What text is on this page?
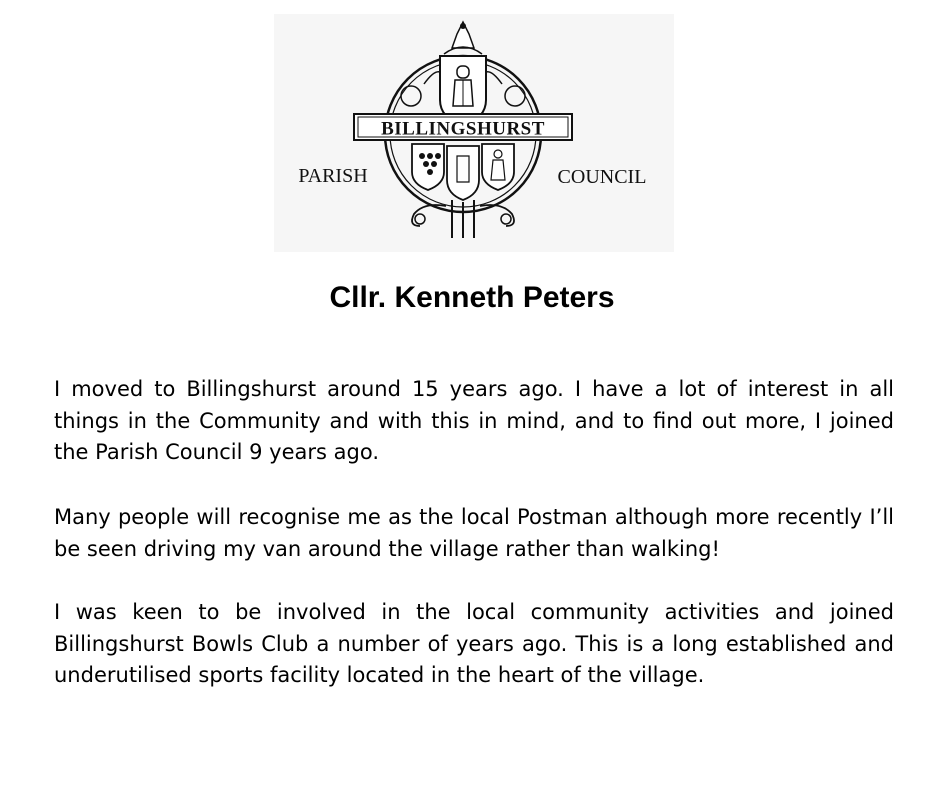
BILLINGSHURST
PARISH	COUNCIL
Cllr. Kenneth Peters

I moved to Billingshurst around 15 years ago. I have a lot of interest in all things in the Community and with this in mind, and to find out more, I joined the Parish Council 9 years ago.

Many people will recognise me as the local Postman although more recently I’ll be seen driving my van around the village rather than walking!

I was keen to be involved in the local community activities and joined Billingshurst Bowls Club a number of years ago. This is a long established and underutilised sports facility located in the heart of the village.
